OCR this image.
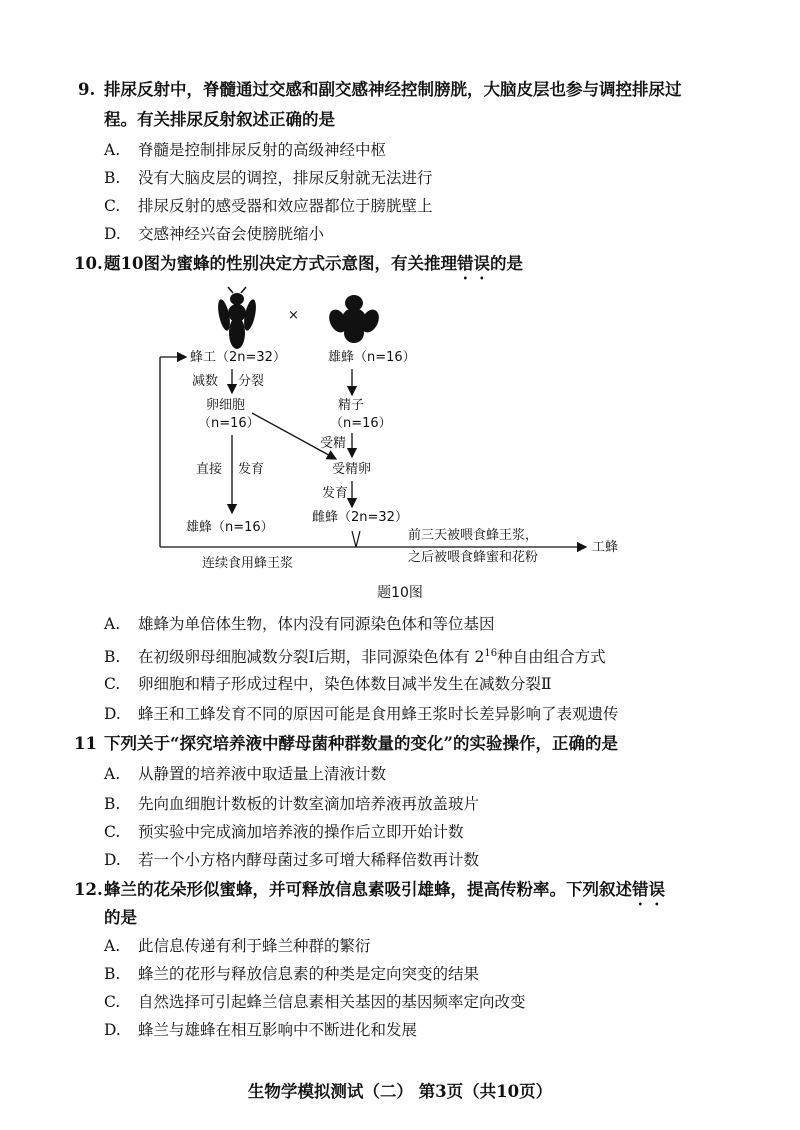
9. 排尿反射中，脊髓通过交感和副交感神经控制膀胱，大脑皮层也参与调控排尿过
程。有关排尿反射叙述正确的是
A. 脊髓是控制排尿反射的高级神经中枢
B. 没有大脑皮层的调控，排尿反射就无法进行
C. 排尿反射的感受器和效应器都位于膀胱壁上
D. 交感神经兴奋会使膀胱缩小
10.题10图为蜜蜂的性别决定方式示意图，有关推理错误的是
×
蜂工（2n=32）	雄蜂（n=16）
减数 分裂
卵细胞
（n=16）
直接 发育
雄蜂（n=16）
精子
（n=16）
受精
受精卵
发育
雌蜂（2n=32）
前三天被喂食蜂王浆，
之后被喂食蜂蜜和花粉
工蜂
连续食用蜂王浆
题10图
A. 雄蜂为单倍体生物，体内没有同源染色体和等位基因
B. 在初级卵母细胞减数分裂Ⅰ后期，非同源染色体有 $2^{16}$种自由组合方式
C. 卵细胞和精子形成过程中，染色体数目减半发生在减数分裂Ⅱ
D. 蜂王和工蜂发育不同的原因可能是食用蜂王浆时长差异影响了表观遗传
11 下列关于“探究培养液中酵母菌种群数量的变化”的实验操作，正确的是
A. 从静置的培养液中取适量上清液计数
B. 先向血细胞计数板的计数室滴加培养液再放盖玻片
C. 预实验中完成滴加培养液的操作后立即开始计数
D. 若一个小方格内酵母菌过多可增大稀释倍数再计数
12.蜂兰的花朵形似蜜蜂，并可释放信息素吸引雄蜂，提高传粉率。下列叙述错误
的是
A. 此信息传递有利于蜂兰种群的繁衍
B. 蜂兰的花形与释放信息素的种类是定向突变的结果
C. 自然选择可引起蜂兰信息素相关基因的基因频率定向改变
D. 蜂兰与雄蜂在相互影响中不断进化和发展
生物学模拟测试（二） 第3页（共10页）
